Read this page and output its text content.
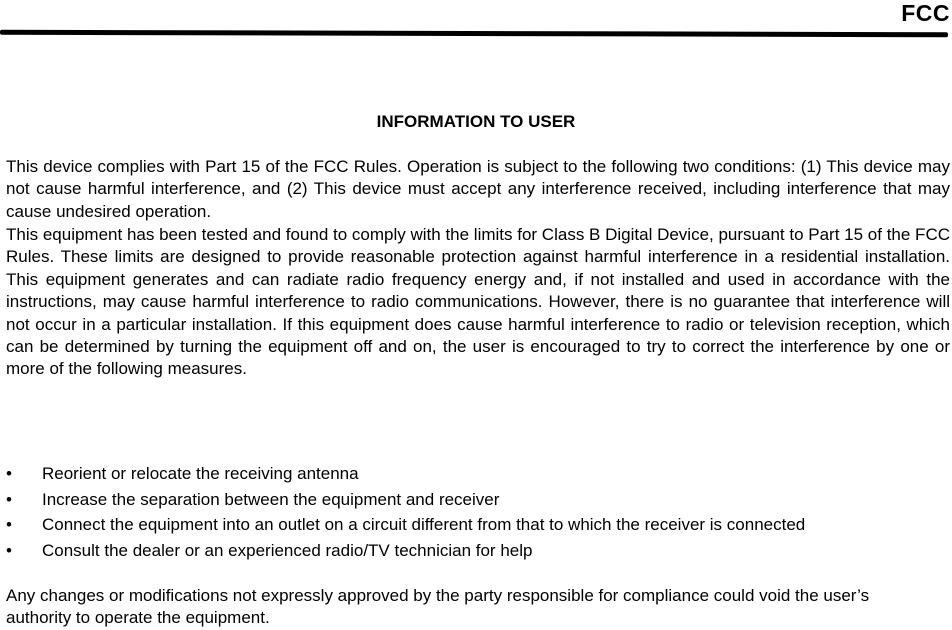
FCC
INFORMATION TO USER

This device complies with Part 15 of the FCC Rules. Operation is subject to the following two conditions: (1) This device may not cause harmful interference, and (2) This device must accept any interference received, including interference that may cause undesired operation.

This equipment has been tested and found to comply with the limits for Class B Digital Device, pursuant to Part 15 of the FCC Rules. These limits are designed to provide reasonable protection against harmful interference in a residential installation. This equipment generates and can radiate radio frequency energy and, if not installed and used in accordance with the instructions, may cause harmful interference to radio communications. However, there is no guarantee that interference will not occur in a particular installation. If this equipment does cause harmful interference to radio or television reception, which can be determined by turning the equipment off and on, the user is encouraged to try to correct the interference by one or more of the following measures.

• Reorient or relocate the receiving antenna
• Increase the separation between the equipment and receiver
• Connect the equipment into an outlet on a circuit different from that to which the receiver is connected
• Consult the dealer or an experienced radio/TV technician for help

Any changes or modifications not expressly approved by the party responsible for compliance could void the user’s authority to operate the equipment.
